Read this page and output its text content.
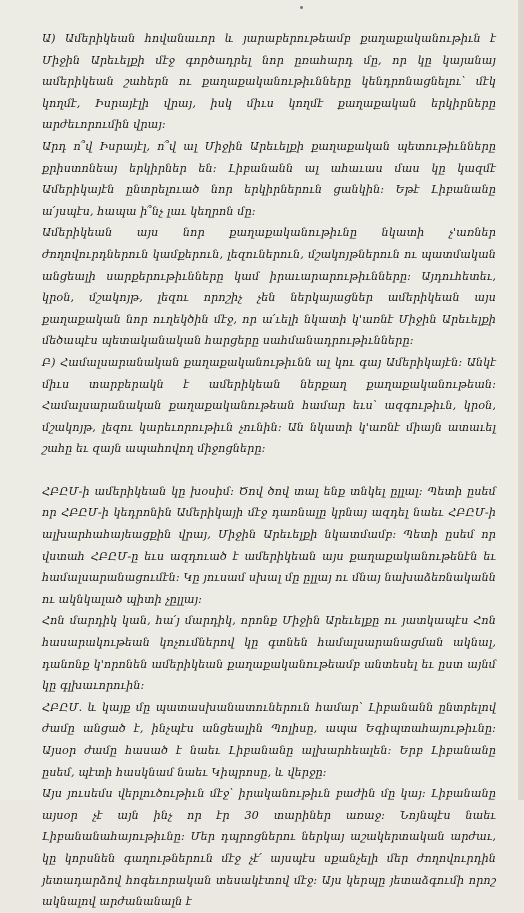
Ա) Ամերիկեան հովանաւոր և յարաբերութեամբ քաղաքականութիւն է Միջին Արեւելքի մէջ գործադրել նոր ըռահարդ մը, որ կը կայանայ ամերիկեան շահերն ու քաղաքականութիւնները կենդրոնացնելու՝ մէկ կողմէ, Իսրայէլի վրայ, իսկ միւս կողմէ քաղաքական երկիրները արժեւորումին վրայ:

Արդ ո՞վ Իսրայէլ, ո՞վ ալ Միջին Արեւելքի քաղաքական պետութիւնները քրիստոնեայ երկիրներ են: Լիբանանն ալ ահաւաս մաս կը կազմէ Ամերիկայէն ընտրելուած նոր երկիրներուն ցանկին: Եթէ Լիբանանը ա՛յսպէս, հապա ի՞նչ լաւ կեղրոն մը:

Ամերիկեան այս նոր քաղաքականութիւնը նկատի չ'առներ ժողովուրդներուն կամքերուն, լեզուներուն, մշակոյթներուն ու պատմական անցեալի սարքերութիւնները կամ իրաւարարութիւնները: Այդուհետեւ, կրօն, մշակոյթ, լեզու որոշիչ չեն ներկայացներ ամերիկեան այս քաղաքական նոր ուղեկծին մէջ, որ ա՛ւելի նկատի կ'առնէ Միջին Արեւելքի մեծապէս պետականական հարցերը սահմանադրութիւնները:

Բ) Համալսարանական քաղաքականութիւնն ալ կու գայ Ամերիկայէն: Անկէ միւս տարբերակն է ամերիկեան ներքաղ քաղաքականութեան: Համալսարանական քաղաքականութեան համար եւս՝ ազգութիւն, կրօն, մշակոյթ, լեզու կարեւորութիւն չունին: Ան նկատի կ'առնէ միայն ատաւել շահը եւ զայն ապահովող միջոցները:

ՀԲԸՄ-ի ամերիկեան կը խօսիմ: Ծով ծով տալ ենք տնկել ըլլալ: Պետի ըսեմ որ ՀԲԸՄ-ի կեդրոնին Ամերիկայի մէջ դառնալը կրնայ ազդել նաեւ ՀԲԸՄ-ի ալխարհահայեացքին վրայ, Միջին Արեւելքի նկատմամբ: Պետի ըսեմ որ վստահ ՀԲԸՄ-ը եւս ազդուած է ամերիկեան այս քաղաքականութենէն եւ համալսարանացումէն: Կը յուսամ սխալ մը ըլլայ ու մնայ նախաձեռնականն ու ակնկալած պիտի չըլլայ:

Հոն մարդիկ կան, հա՛յ մարդիկ, որոնք Միջին Արեւելքը ու յատկապէս Հոն հասարակութեան կոչումներով կը գտնեն համալսարանացման ակնալ, դանոնք կ'որոնեն ամերիկեան քաղաքականութեամբ անտեսել եւ ըստ այնմ կը գլխաւորուին:

ՀԲԸՄ. և կայք մը պատասխանատուներուն համար՝ Լիբանանն ընտրելով ժամը անցած է, ինչպէս անցեալին Պոլիսը, ապա Եգիպտահայութիւնը: Այսօր ժամը հասած է նաեւ Լիբանանը ալխարհեալեն: Երբ Լիբանանը ըսեմ, պէտի հասկնամ նաեւ Կիպրոսը, և վերջը:

Այս յուսեմս վերլուծութիւն մէջ՝ իրականութիւն բաժին մը կայ: Լիբանանը այսօր չէ այն ինչ որ էր 30 տարիներ առաջ: Նոյնպէս նաեւ Լիբանանահայութիւնը: Մեր դպրոցներու ներկայ աշակերտական արժաւ, կը կորսնեն գաղութներուն մէջ չէ՛ այսպէս սքանչելի մեր ժողովուրդին յետադարձով հոգեւորական տեսակէտով մէջ: Այս կերպը յետաձգումի որոշ ակնալով արժանանալն է
